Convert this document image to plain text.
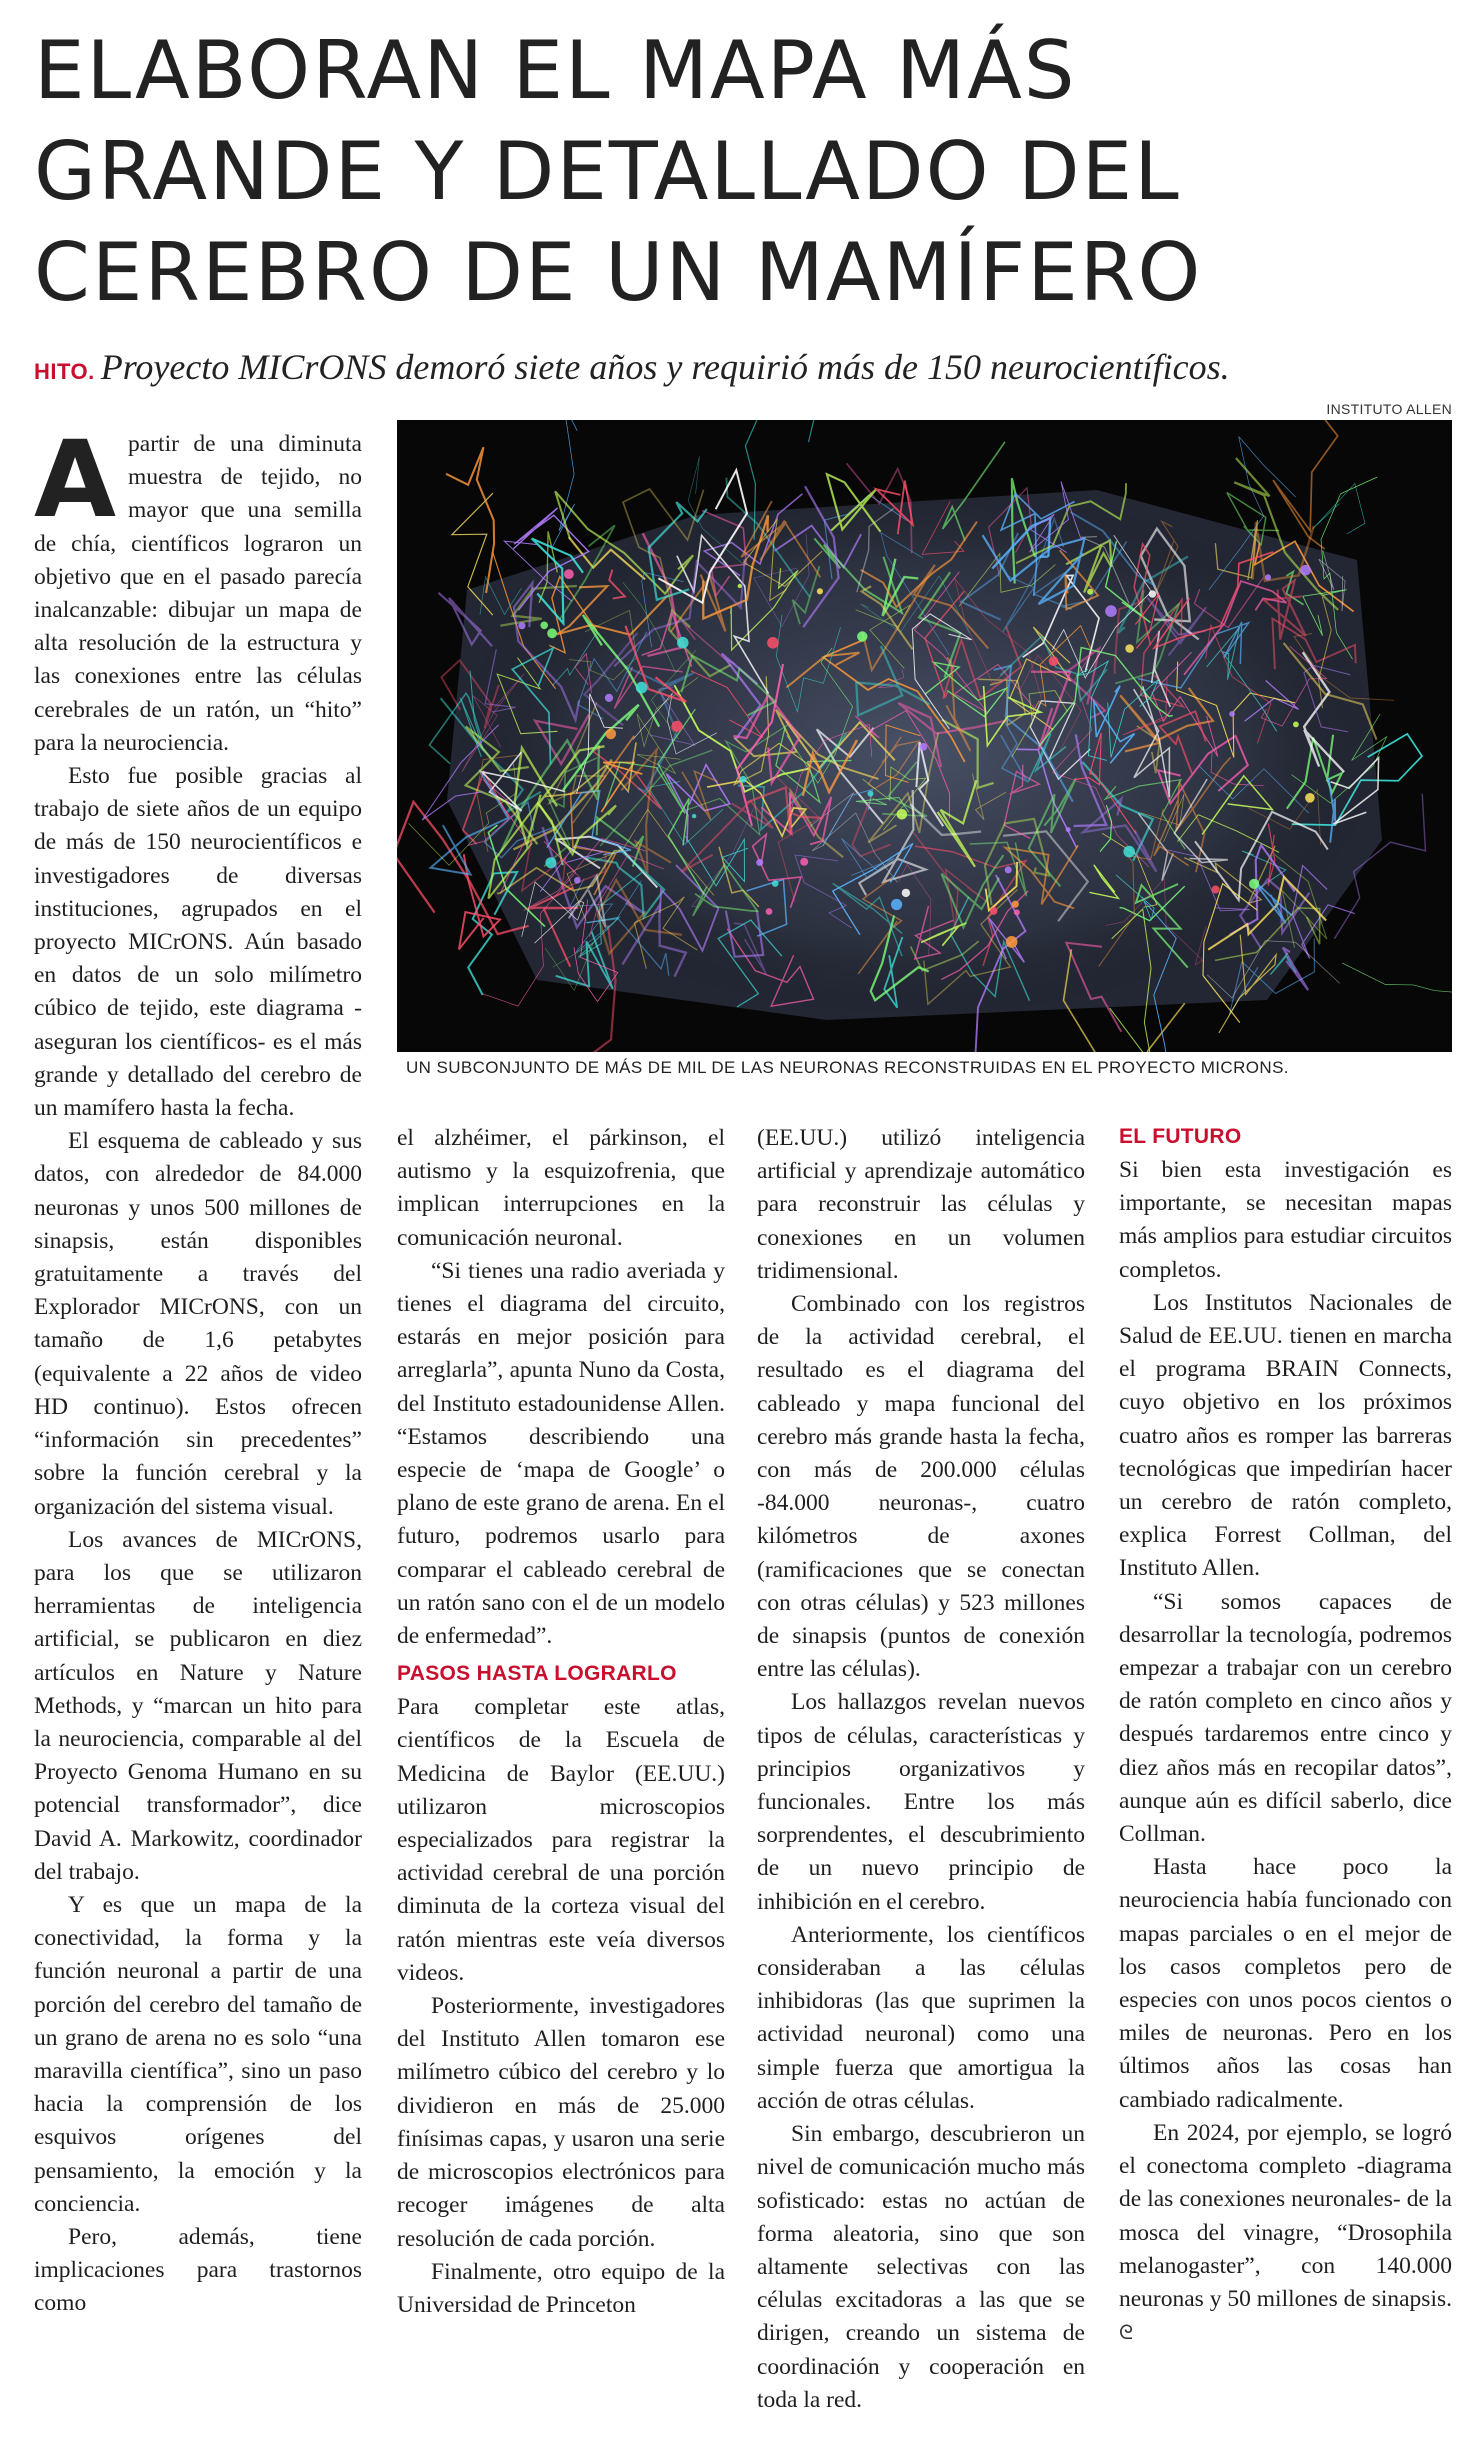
ELABORAN EL MAPA MÁS
GRANDE Y DETALLADO DEL
CEREBRO DE UN MAMÍFERO
HITO. Proyecto MICrONS demoró siete años y requirió más de 150 neurocientíficos.
INSTITUTO ALLEN
UN SUBCONJUNTO DE MÁS DE MIL DE LAS NEURONAS RECONSTRUIDAS EN EL PROYECTO MICRONS.

Apartir de una diminuta muestra de tejido, no mayor que una semilla de chía, científicos lograron un objetivo que en el pasado parecía inalcanzable: dibujar un mapa de alta resolución de la estructura y las conexiones entre las células cerebrales de un ratón, un “hito” para la neurociencia.

Esto fue posible gracias al trabajo de siete años de un equipo de más de 150 neurocientíficos e investigadores de diversas instituciones, agrupados en el proyecto MICrONS. Aún basado en datos de un solo milímetro cúbico de tejido, este diagrama -aseguran los científicos- es el más grande y detallado del cerebro de un mamífero hasta la fecha.

El esquema de cableado y sus datos, con alrededor de 84.000 neuronas y unos 500 millones de sinapsis, están disponibles gratuitamente a través del Explorador MICrONS, con un tamaño de 1,6 petabytes (equivalente a 22 años de video HD continuo). Estos ofrecen “información sin precedentes” sobre la función cerebral y la organización del sistema visual.

Los avances de MICrONS, para los que se utilizaron herramientas de inteligencia artificial, se publicaron en diez artículos en Nature y Nature Methods, y “marcan un hito para la neurociencia, comparable al del Proyecto Genoma Humano en su potencial transformador”, dice David A. Markowitz, coordinador del trabajo.

Y es que un mapa de la conectividad, la forma y la función neuronal a partir de una porción del cerebro del tamaño de un grano de arena no es solo “una maravilla científica”, sino un paso hacia la comprensión de los esquivos orígenes del pensamiento, la emoción y la conciencia.

Pero, además, tiene implicaciones para trastornos como

el alzhéimer, el párkinson, el autismo y la esquizofrenia, que implican interrupciones en la comunicación neuronal.

“Si tienes una radio averiada y tienes el diagrama del circuito, estarás en mejor posición para arreglarla”, apunta Nuno da Costa, del Instituto estadounidense Allen. “Estamos describiendo una especie de ‘mapa de Google’ o plano de este grano de arena. En el futuro, podremos usarlo para comparar el cableado cerebral de un ratón sano con el de un modelo de enfermedad”.

PASOS HASTA LOGRARLO

Para completar este atlas, científicos de la Escuela de Medicina de Baylor (EE.UU.) utilizaron microscopios especializados para registrar la actividad cerebral de una porción diminuta de la corteza visual del ratón mientras este veía diversos videos.

Posteriormente, investigadores del Instituto Allen tomaron ese milímetro cúbico del cerebro y lo dividieron en más de 25.000 finísimas capas, y usaron una serie de microscopios electrónicos para recoger imágenes de alta resolución de cada porción.

Finalmente, otro equipo de la Universidad de Princeton

(EE.UU.) utilizó inteligencia artificial y aprendizaje automático para reconstruir las células y conexiones en un volumen tridimensional.

Combinado con los registros de la actividad cerebral, el resultado es el diagrama del cableado y mapa funcional del cerebro más grande hasta la fecha, con más de 200.000 células -84.000 neuronas-, cuatro kilómetros de axones (ramificaciones que se conectan con otras células) y 523 millones de sinapsis (puntos de conexión entre las células).

Los hallazgos revelan nuevos tipos de células, características y principios organizativos y funcionales. Entre los más sorprendentes, el descubrimiento de un nuevo principio de inhibición en el cerebro.

Anteriormente, los científicos consideraban a las células inhibidoras (las que suprimen la actividad neuronal) como una simple fuerza que amortigua la acción de otras células.

Sin embargo, descubrieron un nivel de comunicación mucho más sofisticado: estas no actúan de forma aleatoria, sino que son altamente selectivas con las células excitadoras a las que se dirigen, creando un sistema de coordinación y cooperación en toda la red.

EL FUTURO

Si bien esta investigación es importante, se necesitan mapas más amplios para estudiar circuitos completos.

Los Institutos Nacionales de Salud de EE.UU. tienen en marcha el programa BRAIN Connects, cuyo objetivo en los próximos cuatro años es romper las barreras tecnológicas que impedirían hacer un cerebro de ratón completo, explica Forrest Collman, del Instituto Allen.

“Si somos capaces de desarrollar la tecnología, podremos empezar a trabajar con un cerebro de ratón completo en cinco años y después tardaremos entre cinco y diez años más en recopilar datos”, aunque aún es difícil saberlo, dice Collman.

Hasta hace poco la neurociencia había funcionado con mapas parciales o en el mejor de los casos completos pero de especies con unos pocos cientos o miles de neuronas. Pero en los últimos años las cosas han cambiado radicalmente.

En 2024, por ejemplo, se logró el conectoma completo -diagrama de las conexiones neuronales- de la mosca del vinagre, “Drosophila melanogaster”, con 140.000 neuronas y 50 millones de sinapsis. ᘓ
